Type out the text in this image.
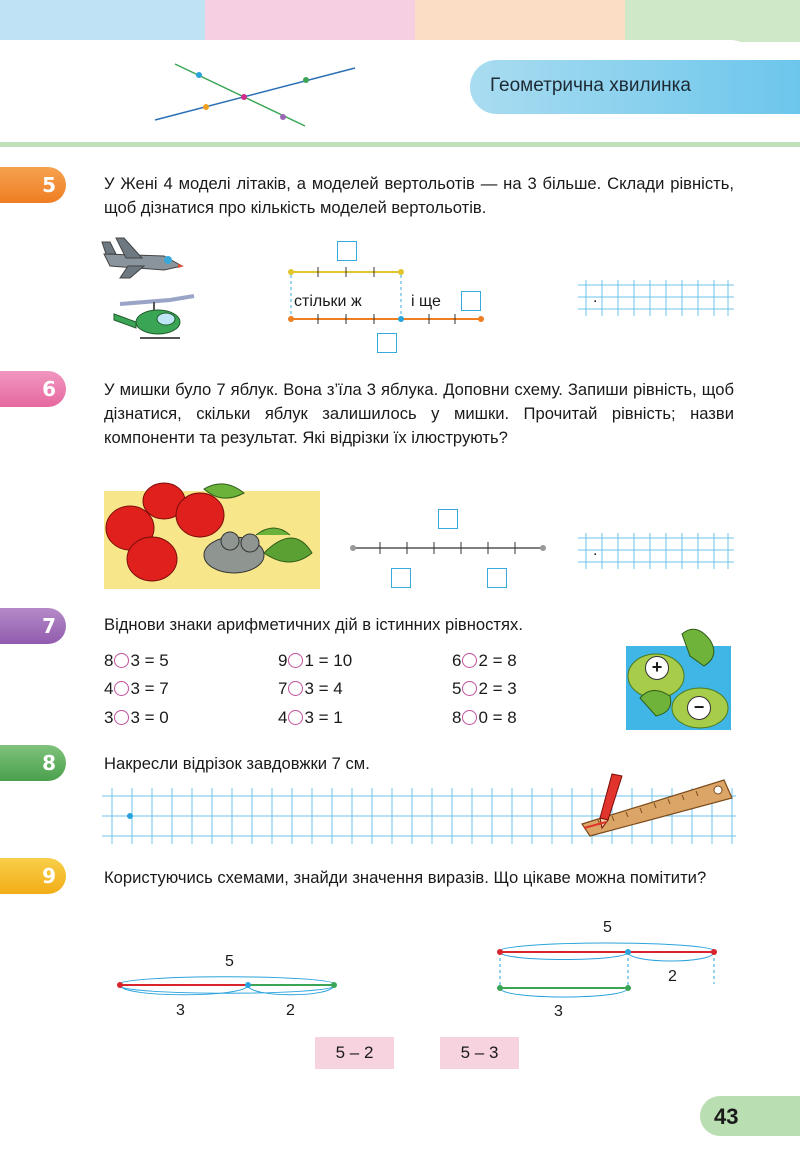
Геометрична хвилинка
5	У Жені 4 моделі літаків, а моделей вертольотів — на 3 більше. Склади рівність, щоб дізнатися про кількість моделей вертольотів.
стільки ж	і ще	.
6	У мишки було 7 яблук. Вона з’їла 3 яблука. Доповни схему. Запиши рівність, щоб дізнатися, скільки яблук залишилось у мишки. Прочитай рівність; назви компоненти та результат. Які відрізки їх ілюструють?
.
7	Віднови знаки арифметичних дій в істинних рівностях.
8 3 = 5	9 1 = 10	6 2 = 8
4 3 = 7	7 3 = 4	5 2 = 3
3 3 = 0	4 3 = 1	8 0 = 8
+
−
8	Накресли відрізок завдовжки 7 см.
9	Користуючись схемами, знайди значення виразів. Що цікаве можна помітити?
5
3	2
5
2
3
5 – 2	5 – 3
43
